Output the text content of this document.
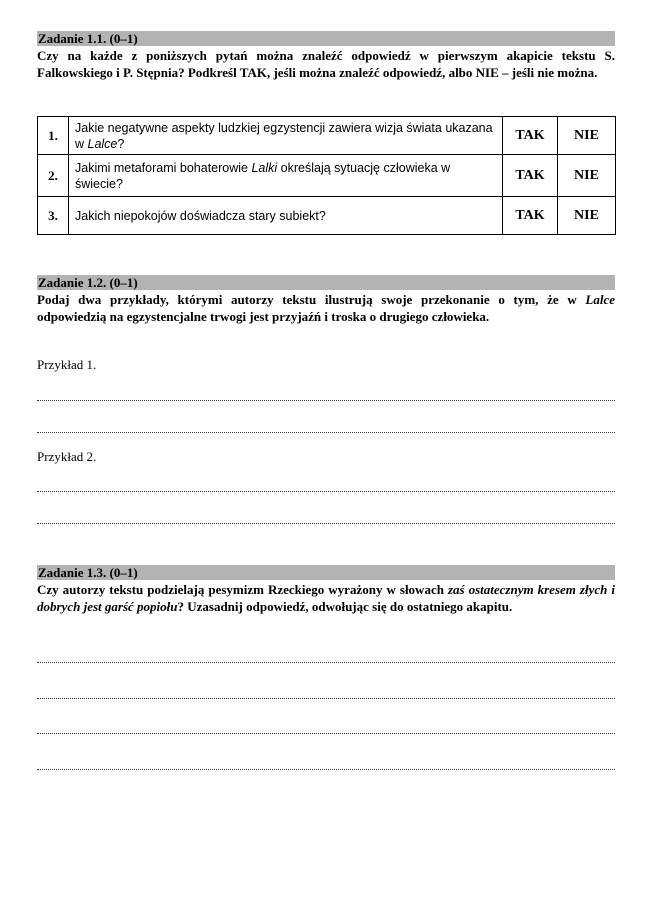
Zadanie 1.1. (0–1)
Czy na każde z poniższych pytań można znaleźć odpowiedź w pierwszym akapicie tekstu S. Falkowskiego i P. Stępnia? Podkreśl TAK, jeśli można znaleźć odpowiedź, albo NIE – jeśli nie można.
1.	Jakie negatywne aspekty ludzkiej egzystencji zawiera wizja świata ukazana w Lalce?	TAK	NIE
2.	Jakimi metaforami bohaterowie Lalki określają sytuację człowieka w świecie?	TAK	NIE
3.	Jakich niepokojów doświadcza stary subiekt?	TAK	NIE
Zadanie 1.2. (0–1)
Podaj dwa przykłady, którymi autorzy tekstu ilustrują swoje przekonanie o tym, że w Lalce odpowiedzią na egzystencjalne trwogi jest przyjaźń i troska o drugiego człowieka.
Przykład 1.
Przykład 2.
Zadanie 1.3. (0–1)
Czy autorzy tekstu podzielają pesymizm Rzeckiego wyrażony w słowach zaś ostatecznym kresem złych i dobrych jest garść popiołu? Uzasadnij odpowiedź, odwołując się do ostatniego akapitu.
